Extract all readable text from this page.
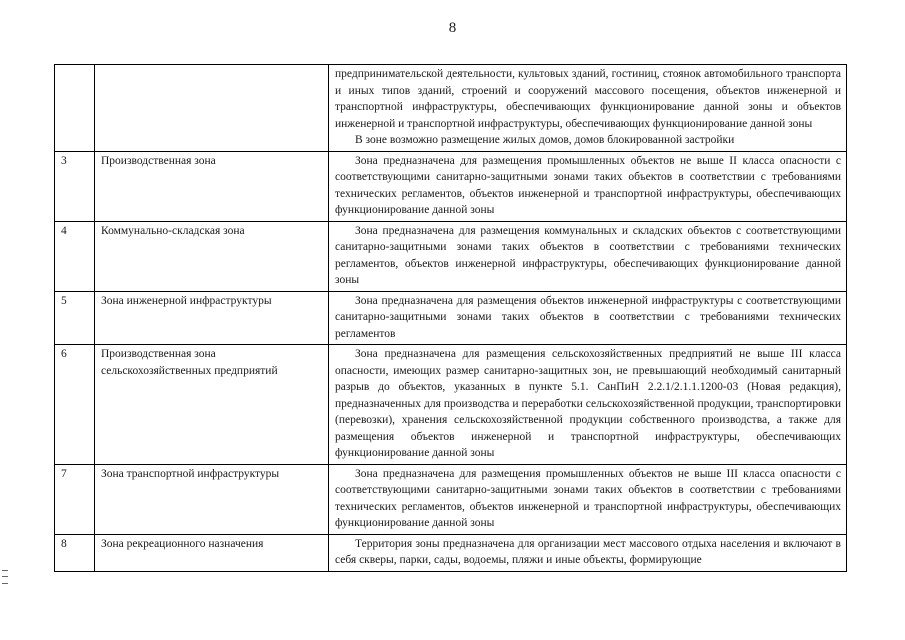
8

		предпринимательской деятельности, культовых зданий, гостиниц, стоянок автомобильного транспорта и иных типов зданий, строений и сооружений массового посещения, объектов инженерной и транспортной инфраструктуры, обеспечивающих функционирование данной зоны и объектов инженерной и транспортной инфраструктуры, обеспечивающих функционирование данной зоны

В зоне возможно размещение жилых домов, домов блокированной застройки

3	Производственная зона	Зона предназначена для размещения промышленных объектов не выше II класса опасности с соответствующими санитарно-защитными зонами таких объектов в соответствии с требованиями технических регламентов, объектов инженерной и транспортной инфраструктуры, обеспечивающих функционирование данной зоны

4	Коммунально-складская зона	Зона предназначена для размещения коммунальных и складских объектов с соответствующими санитарно-защитными зонами таких объектов в соответствии с требованиями технических регламентов, объектов инженерной инфраструктуры, обеспечивающих функционирование данной зоны

5	Зона инженерной инфраструктуры	Зона предназначена для размещения объектов инженерной инфраструктуры с соответствующими санитарно-защитными зонами таких объектов в соответствии с требованиями технических регламентов

6	Производственная зона сельскохозяйственных предприятий	Зона предназначена для размещения сельскохозяйственных предприятий не выше III класса опасности, имеющих размер санитарно-защитных зон, не превышающий необходимый санитарный разрыв до объектов, указанных в пункте 5.1. СанПиН 2.2.1/2.1.1.1200-03 (Новая редакция), предназначенных для производства и переработки сельскохозяйственной продукции, транспортировки (перевозки), хранения сельскохозяйственной продукции собственного производства, а также для размещения объектов инженерной и транспортной инфраструктуры, обеспечивающих функционирование данной зоны

7	Зона транспортной инфраструктуры	Зона предназначена для размещения промышленных объектов не выше III класса опасности с соответствующими санитарно-защитными зонами таких объектов в соответствии с требованиями технических регламентов, объектов инженерной и транспортной инфраструктуры, обеспечивающих функционирование данной зоны

8	Зона рекреационного назначения	Территория зоны предназначена для организации мест массового отдыха населения и включают в себя скверы, парки, сады, водоемы, пляжи и иные объекты, формирующие
